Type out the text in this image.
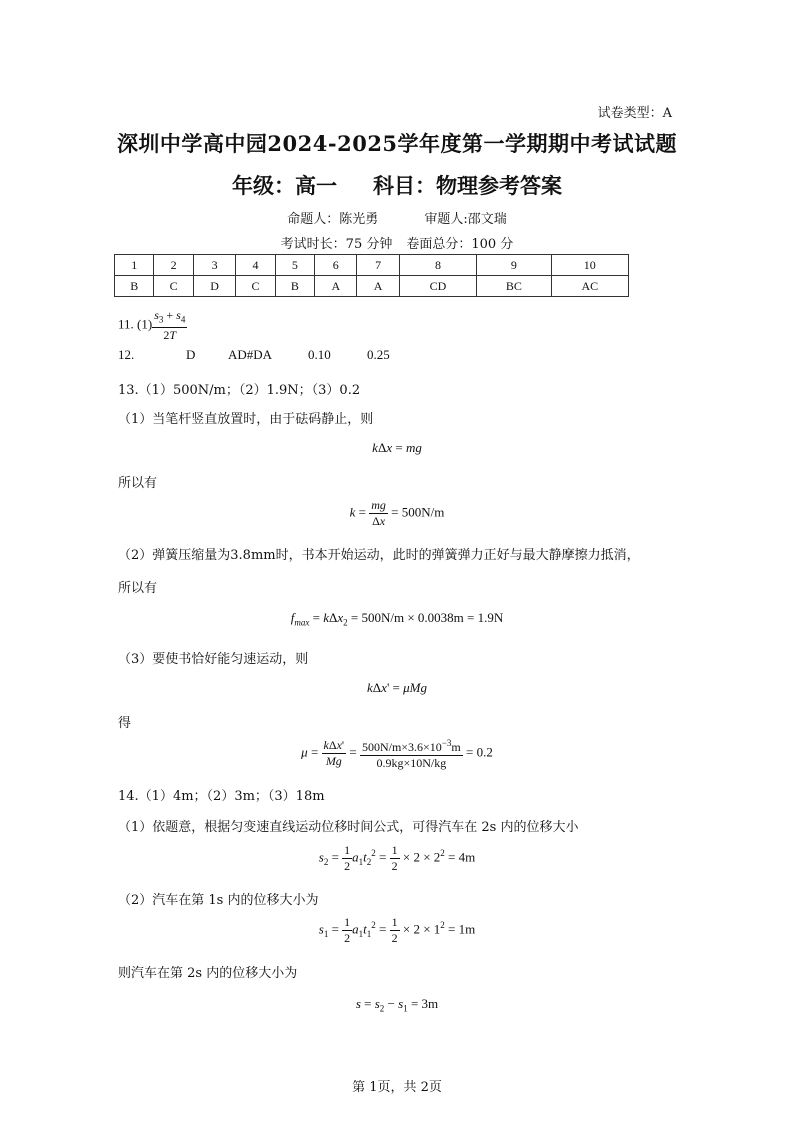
试卷类型：A
深圳中学高中园2024-2025学年度第一学期期中考试试题
年级：高一 科目：物理参考答案
命题人：陈光勇	审题人:邵文瑞
考试时长：75 分钟 卷面总分：100 分
1	2	3	4	5	6	7	8	9	10
B	C	D	C	B	A	A	CD	BC	AC
11. $(1) \frac{s_3 + s_4}{2T}$
12.	D	AD#DA	0.10	0.25
13.（1）500N/m；（2）1.9N；（3）0.2
（1）当笔杆竖直放置时，由于砝码静止，则
kΔx = mg
所以有
$k = \frac{mg}{\Delta x} = 500N/m$
（2）弹簧压缩量为3.8mm时，书本开始运动，此时的弹簧弹力正好与最大静摩擦力抵消，
所以有
$f_{max} = k\Delta x_2 = 500N/m \times 0.0038m = 1.9N$
（3）要使书恰好能匀速运动，则
kΔx' = μMg
得
$\mu = \frac{\text{kΔx'}}{Mg} = \frac{500N/m\times 3.6\times 10^{-3}m}{0.9kg\times 10N/kg} = 0.2$
14.（1）4m；（2）3m；（3）18m
（1）依题意，根据匀变速直线运动位移时间公式，可得汽车在 2s 内的位移大小
$s_2 = \frac{1}{2} a_1t_2^2 = \frac{1}{2} \times 2 \times 2^2 = 4m$
（2）汽车在第 1s 内的位移大小为
$s_1 = \frac{1}{2} a_1t_1^2 = \frac{1}{2} \times 2 \times 1^2 = 1m$
则汽车在第 2s 内的位移大小为
$s = s_2 - s_1 = 3m$
第 1页，共 2页
